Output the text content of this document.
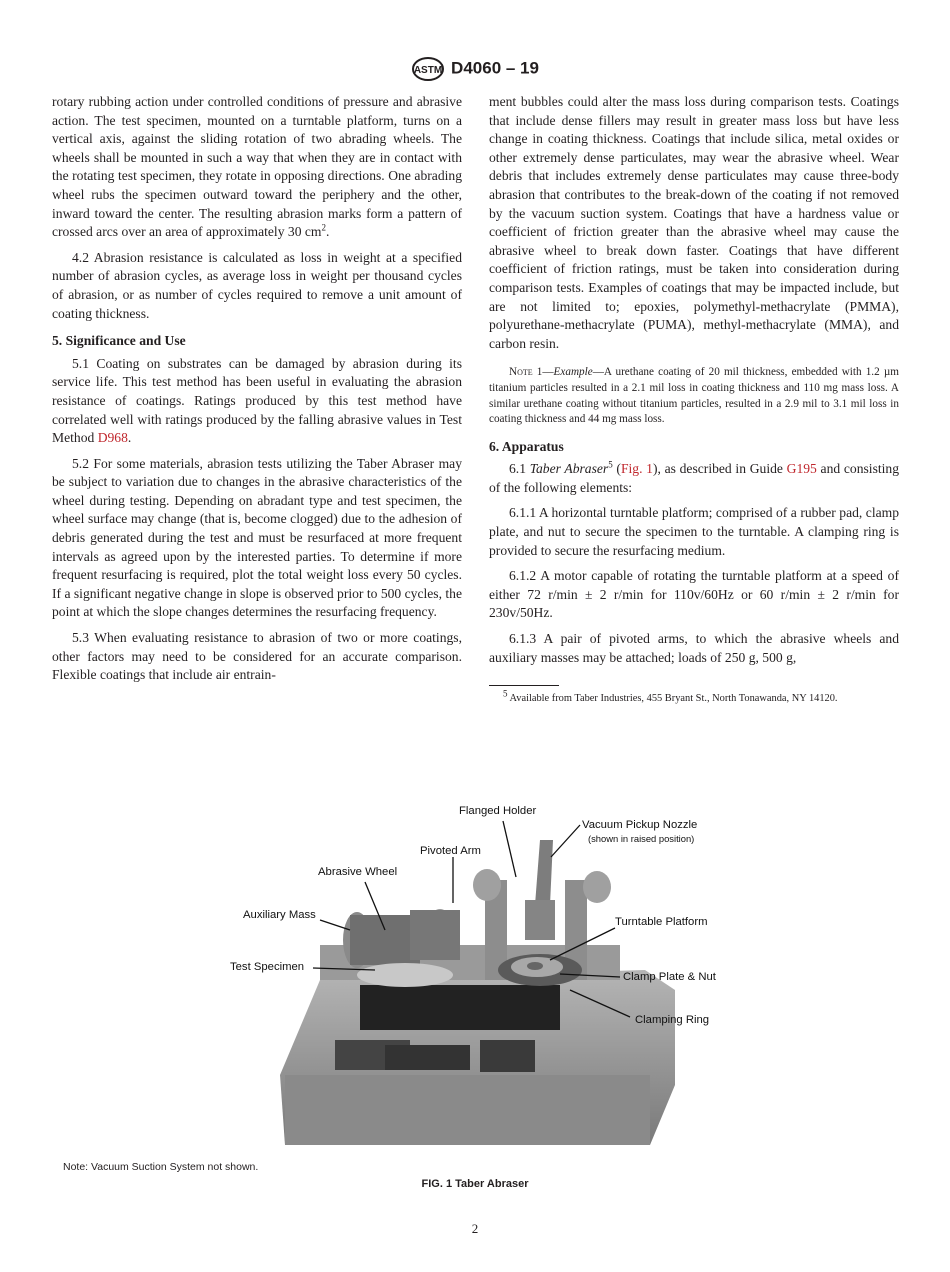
ASTM D4060 – 19

rotary rubbing action under controlled conditions of pressure and abrasive action. The test specimen, mounted on a turntable platform, turns on a vertical axis, against the sliding rotation of two abrading wheels. The wheels shall be mounted in such a way that when they are in contact with the rotating test specimen, they rotate in opposing directions. One abrading wheel rubs the specimen outward toward the periphery and the other, inward toward the center. The resulting abrasion marks form a pattern of crossed arcs over an area of approximately 30 $cm^2$.

4.2 Abrasion resistance is calculated as loss in weight at a specified number of abrasion cycles, as average loss in weight per thousand cycles of abrasion, or as number of cycles required to remove a unit amount of coating thickness.

5. Significance and Use

5.1 Coating on substrates can be damaged by abrasion during its service life. This test method has been useful in evaluating the abrasion resistance of coatings. Ratings produced by this test method have correlated well with ratings produced by the falling abrasive values in Test Method D968.

5.2 For some materials, abrasion tests utilizing the Taber Abraser may be subject to variation due to changes in the abrasive characteristics of the wheel during testing. Depending on abradant type and test specimen, the wheel surface may change (that is, become clogged) due to the adhesion of debris generated during the test and must be resurfaced at more frequent intervals as agreed upon by the interested parties. To determine if more frequent resurfacing is required, plot the total weight loss every 50 cycles. If a significant negative change in slope is observed prior to 500 cycles, the point at which the slope changes determines the resurfacing frequency.

5.3 When evaluating resistance to abrasion of two or more coatings, other factors may need to be considered for an accurate comparison. Flexible coatings that include air entrain-

ment bubbles could alter the mass loss during comparison tests. Coatings that include dense fillers may result in greater mass loss but have less change in coating thickness. Coatings that include silica, metal oxides or other extremely dense particulates, may wear the abrasive wheel. Wear debris that includes extremely dense particulates may cause three-body abrasion that contributes to the break-down of the coating if not removed by the vacuum suction system. Coatings that have a hardness value or coefficient of friction greater than the abrasive wheel may cause the abrasive wheel to break down faster. Coatings that have different coefficient of friction ratings, must be taken into consideration during comparison tests. Examples of coatings that may be impacted include, but are not limited to; epoxies, polymethyl-methacrylate (PMMA), polyurethane-methacrylate (PUMA), methyl-methacrylate (MMA), and carbon resin.

Note 1—Example—A urethane coating of 20 mil thickness, embedded with 1.2 µm titanium particles resulted in a 2.1 mil loss in coating thickness and 110 mg mass loss. A similar urethane coating without titanium particles, resulted in a 2.9 mil to 3.1 mil loss in coating thickness and 44 mg mass loss.
6. Apparatus

6.1 Taber Abraser$^5$ (Fig. 1), as described in Guide G195 and consisting of the following elements:

6.1.1 A horizontal turntable platform; comprised of a rubber pad, clamp plate, and nut to secure the specimen to the turntable. A clamping ring is provided to secure the resurfacing medium.

6.1.2 A motor capable of rotating the turntable platform at a speed of either 72 r/min ± 2 r/min for 110v/60Hz or 60 r/min ± 2 r/min for 230v/50Hz.

6.1.3 A pair of pivoted arms, to which the abrasive wheels and auxiliary masses may be attached; loads of 250 g, 500 g,

$^5$ Available from Taber Industries, 455 Bryant St., North Tonawanda, NY 14120.
Flanged Holder
Vacuum Pickup Nozzle
(shown in raised position)
Pivoted Arm
Abrasive Wheel
Auxiliary Mass
Turntable Platform
Test Specimen
Clamp Plate & Nut
Clamping Ring
Note: Vacuum Suction System not shown.
FIG. 1 Taber Abraser
2
